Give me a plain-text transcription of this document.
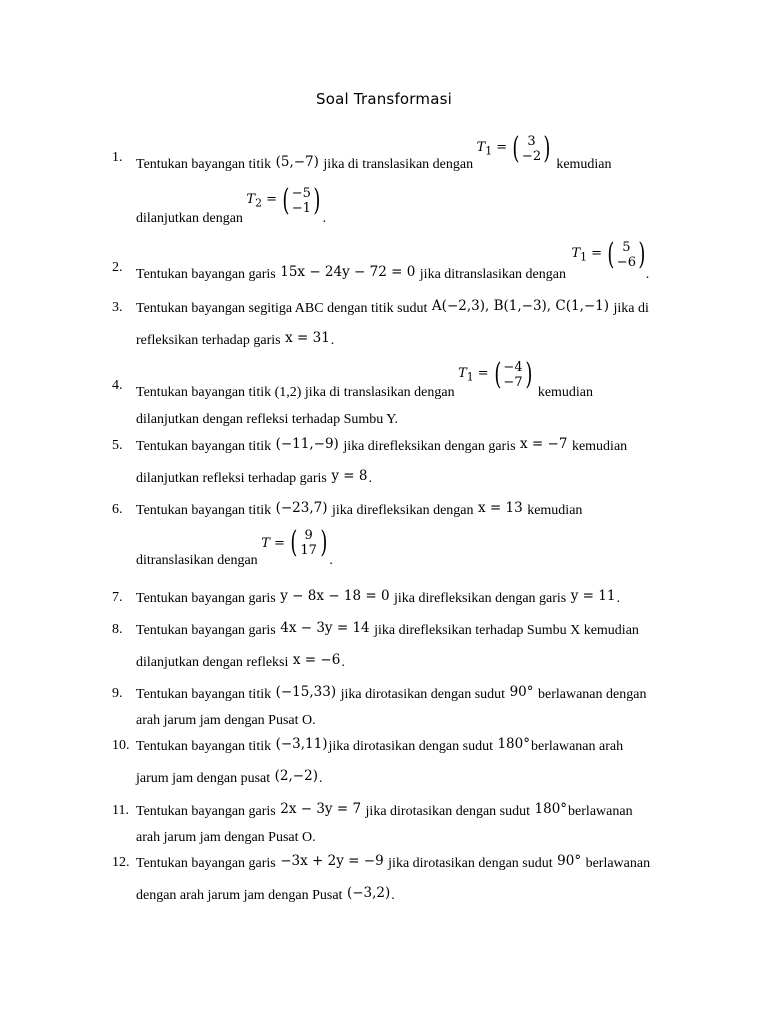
Soal Transformasi
1. Tentukan bayangan titik (5,−7) jika di translasikan dengan
$T_1$ = ( 3
−2 ) kemudian
dilanjutkan dengan
$T_2$ = ( −5
−1 )
.
2. Tentukan bayangan garis 15x − 24y − 72 = 0 jika ditranslasikan dengan
$T_1$ = ( 5
−6 )
.
3. Tentukan bayangan segitiga ABC dengan titik sudut A(−2,3), B(1,−3), C(1,−1) jika di
refleksikan terhadap garis x = 31.
4. Tentukan bayangan titik (1,2) jika di translasikan dengan
$T_1$ = ( −4
−7 )
kemudian
dilanjutkan dengan refleksi terhadap Sumbu Y.
5. Tentukan bayangan titik (−11,−9) jika direfleksikan dengan garis x = −7 kemudian
dilanjutkan refleksi terhadap garis y = 8.
6. Tentukan bayangan titik (−23,7) jika direfleksikan dengan x = 13 kemudian
ditranslasikan dengan
T = ( 9
17 )
.
7. Tentukan bayangan garis y − 8x − 18 = 0 jika direfleksikan dengan garis y = 11.
8. Tentukan bayangan garis 4x − 3y = 14 jika direfleksikan terhadap Sumbu X kemudian
dilanjutkan dengan refleksi x = −6.
9. Tentukan bayangan titik (−15,33) jika dirotasikan dengan sudut 90° berlawanan dengan
arah jarum jam dengan Pusat O.
10. Tentukan bayangan titik (−3,11)jika dirotasikan dengan sudut 180°berlawanan arah
jarum jam dengan pusat (2,−2).
11. Tentukan bayangan garis 2x − 3y = 7 jika dirotasikan dengan sudut 180°berlawanan
arah jarum jam dengan Pusat O.
12. Tentukan bayangan garis −3x + 2y = −9 jika dirotasikan dengan sudut 90° berlawanan
dengan arah jarum jam dengan Pusat (−3,2).
